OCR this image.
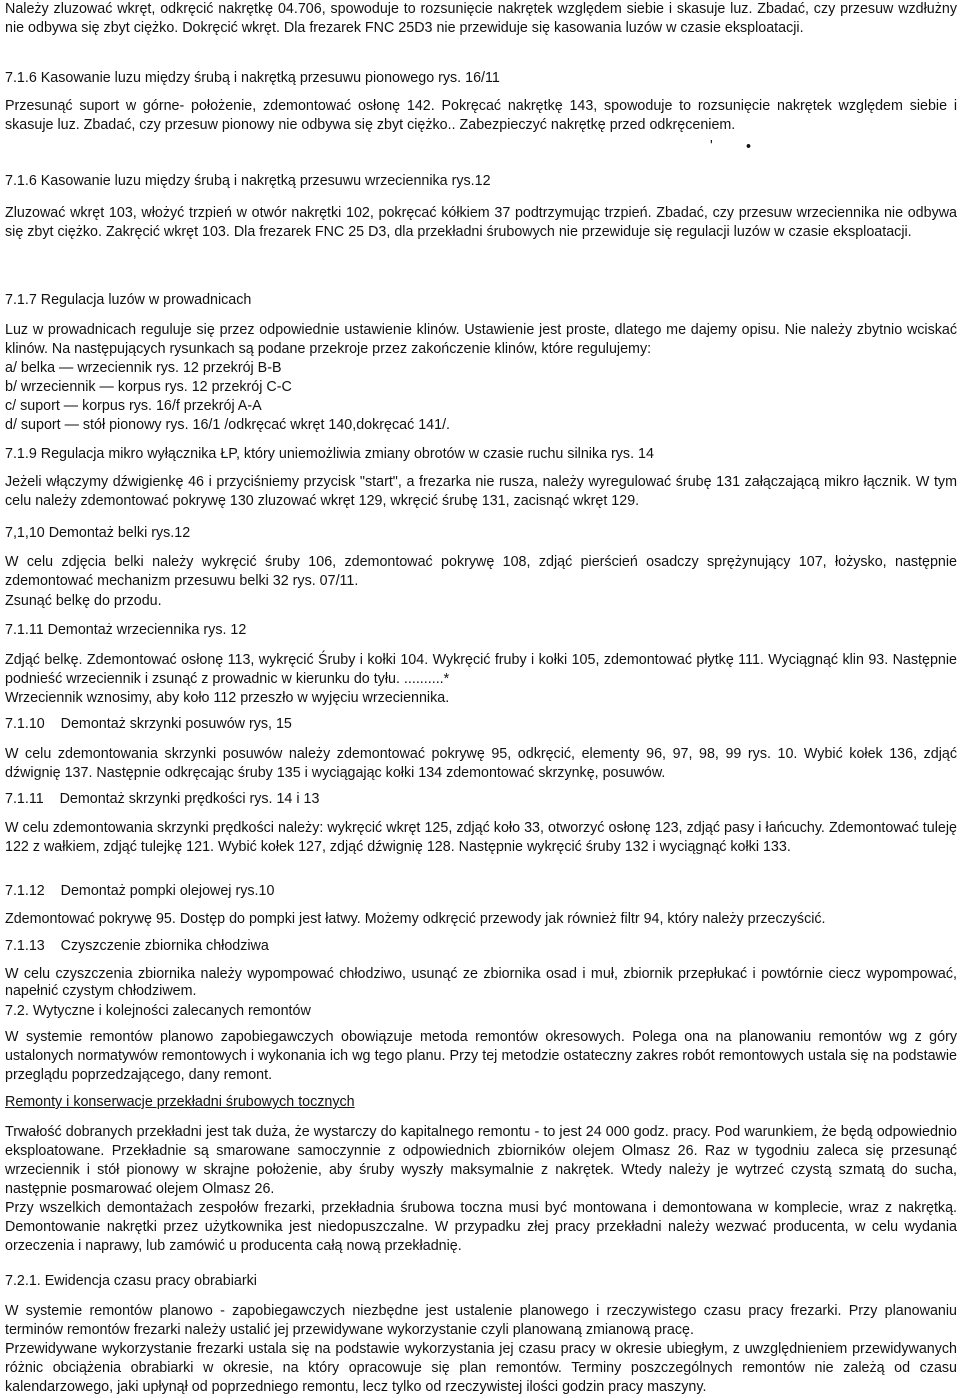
Należy zluzować wkręt, odkręcić nakrętkę 04.706, spowoduje to rozsunięcie nakrętek względem siebie i skasuje luz. Zbadać, czy przesuw wzdłużny nie odbywa się zbyt ciężko. Dokręcić wkręt. Dla frezarek FNC 25D3 nie przewiduje się kasowania luzów w czasie eksploatacji.
7.1.6 Kasowanie luzu między śrubą i nakrętką przesuwu pionowego rys. 16/11
Przesunąć suport w górne- położenie, zdemontować osłonę 142. Pokręcać nakrętkę 143, spowoduje to rozsunięcie nakrętek względem siebie i skasuje luz. Zbadać, czy przesuw pionowy nie odbywa się zbyt ciężko.. Zabezpieczyć nakrętkę przed odkręceniem.
' •
7.1.6 Kasowanie luzu między śrubą i nakrętką przesuwu wrzeciennika rys.12
Zluzować wkręt 103, włożyć trzpień w otwór nakrętki 102, pokręcać kółkiem 37 podtrzymując trzpień. Zbadać, czy przesuw wrzeciennika nie odbywa się zbyt ciężko. Zakręcić wkręt 103. Dla frezarek FNC 25 D3, dla przekładni śrubowych nie przewiduje się regulacji luzów w czasie eksploatacji.
7.1.7 Regulacja luzów w prowadnicach
Luz w prowadnicach reguluje się przez odpowiednie ustawienie klinów. Ustawienie jest proste, dlatego me dajemy opisu. Nie należy zbytnio wciskać klinów. Na następujących rysunkach są podane przekroje przez zakończenie klinów, które regulujemy:
a/ belka — wrzeciennik rys. 12 przekrój B-B
b/ wrzeciennik — korpus rys. 12 przekrój C-C
c/ suport — korpus rys. 16/f przekrój A-A
d/ suport — stół pionowy rys. 16/1 /odkręcać wkręt 140,dokręcać 141/.
7.1.9 Regulacja mikro wyłącznika ŁP, który uniemożliwia zmiany obrotów w czasie ruchu silnika rys. 14
Jeżeli włączymy dźwigienkę 46 i przyciśniemy przycisk "start", a frezarka nie rusza, należy wyregulować śrubę 131 załączającą mikro łącznik. W tym celu należy zdemontować pokrywę 130 zluzować wkręt 129, wkręcić śrubę 131, zacisnąć wkręt 129.
7,1,10 Demontaż belki rys.12
W celu zdjęcia belki należy wykręcić śruby 106, zdemontować pokrywę 108, zdjąć pierścień osadczy sprężynujący 107, łożysko, następnie zdemontować mechanizm przesuwu belki 32 rys. 07/11.
Zsunąć belkę do przodu.
7.1.11 Demontaż wrzeciennika rys. 12
Zdjąć belkę. Zdemontować osłonę 113, wykręcić Śruby i kołki 104. Wykręcić fruby i kołki 105, zdemontować płytkę 111. Wyciągnąć klin 93. Następnie podnieść wrzeciennik i zsunąć z prowadnic w kierunku do tyłu. ..........*
Wrzeciennik wznosimy, aby koło 112 przeszło w wyjęciu wrzeciennika.
7.1.10    Demontaż skrzynki posuwów rys, 15
W celu zdemontowania skrzynki posuwów należy zdemontować pokrywę 95, odkręcić, elementy 96, 97, 98, 99 rys. 10. Wybić kołek 136, zdjąć dźwignię 137. Następnie odkręcając śruby 135 i wyciągając kołki 134 zdemontować skrzynkę, posuwów.
7.1.11    Demontaż skrzynki prędkości rys. 14 i 13
W celu zdemontowania skrzynki prędkości należy: wykręcić wkręt 125, zdjąć koło 33, otworzyć osłonę 123, zdjąć pasy i łańcuchy. Zdemontować tuleję 122 z wałkiem, zdjąć tulejkę 121. Wybić kołek 127, zdjąć dźwignię 128. Następnie wykręcić śruby 132 i wyciągnąć kołki 133.
7.1.12    Demontaż pompki olejowej rys.10
Zdemontować pokrywę 95. Dostęp do pompki jest łatwy. Możemy odkręcić przewody jak również filtr 94, który należy przeczyścić.
7.1.13    Czyszczenie zbiornika chłodziwa
W celu czyszczenia zbiornika należy wypompować chłodziwo, usunąć ze zbiornika osad i muł, zbiornik przepłukać i powtórnie ciecz wypompować, napełnić czystym chłodziwem.
7.2. Wytyczne i kolejności zalecanych remontów
W systemie remontów planowo zapobiegawczych obowiązuje metoda remontów okresowych. Polega ona na planowaniu remontów wg z góry ustalonych normatywów remontowych i wykonania ich wg tego planu. Przy tej metodzie ostateczny zakres robót remontowych ustala się na podstawie przeglądu poprzedzającego, dany remont.
Remonty i konserwacje przekładni śrubowych tocznych
Trwałość dobranych przekładni jest tak duża, że wystarczy do kapitalnego remontu - to jest 24 000 godz. pracy. Pod warunkiem, że będą odpowiednio eksploatowane. Przekładnie są smarowane samoczynnie z odpowiednich zbiorników olejem Olmasz 26. Raz w tygodniu zaleca się przesunąć wrzeciennik i stół pionowy w skrajne położenie, aby śruby wyszły maksymalnie z nakrętek. Wtedy należy je wytrzeć czystą szmatą do sucha, następnie posmarować olejem Olmasz 26.
Przy wszelkich demontażach zespołów frezarki, przekładnia śrubowa toczna musi być montowana i demontowana w komplecie, wraz z nakrętką. Demontowanie nakrętki przez użytkownika jest niedopuszczalne. W przypadku złej pracy przekładni należy wezwać producenta, w celu wydania orzeczenia i naprawy, lub zamówić u producenta całą nową przekładnię.
7.2.1. Ewidencja czasu pracy obrabiarki
W systemie remontów planowo - zapobiegawczych niezbędne jest ustalenie planowego i rzeczywistego czasu pracy frezarki. Przy planowaniu terminów remontów frezarki należy ustalić jej przewidywane wykorzystanie czyli planowaną zmianową pracę.
Przewidywane wykorzystanie frezarki ustala się na podstawie wykorzystania jej czasu pracy w okresie ubiegłym, z uwzględnieniem przewidywanych różnic obciążenia obrabiarki w okresie, na który opracowuje się plan remontów. Terminy poszczególnych remontów nie zależą od czasu kalendarzowego, jaki upłynął od poprzedniego remontu, lecz tylko od rzeczywistej ilości godzin pracy maszyny.
